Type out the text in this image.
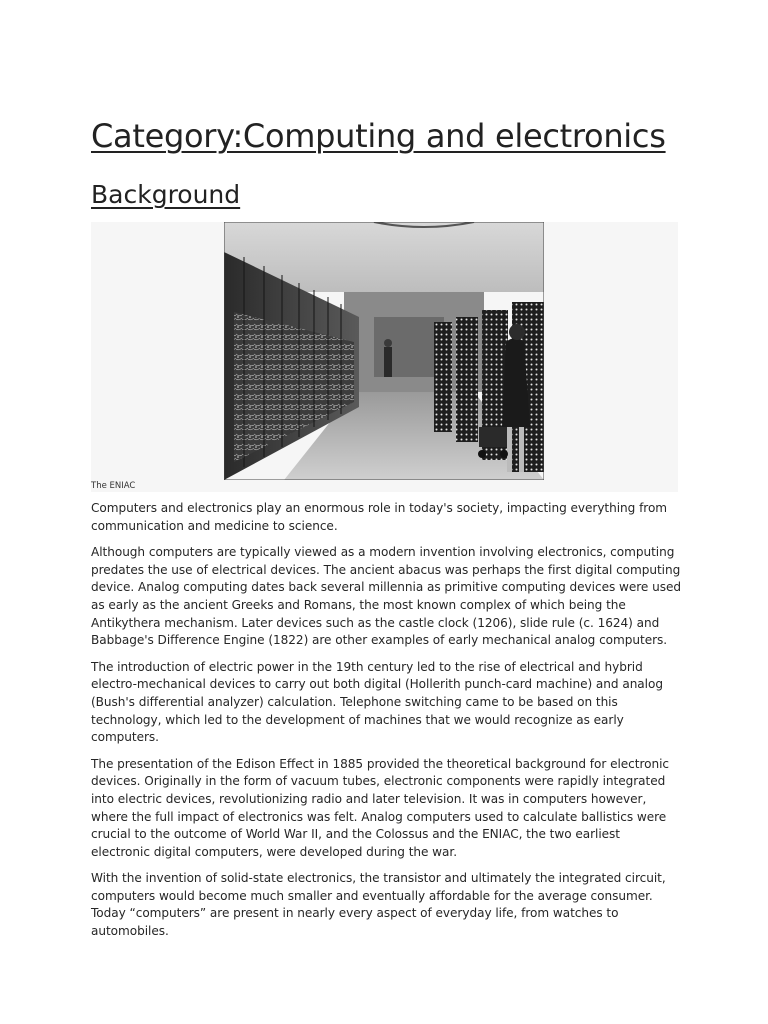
Category:Computing and electronics
Background
The ENIAC

Computers and electronics play an enormous role in today's society, impacting everything from communication and medicine to science.

Although computers are typically viewed as a modern invention involving electronics, computing predates the use of electrical devices. The ancient abacus was perhaps the first digital computing device. Analog computing dates back several millennia as primitive computing devices were used as early as the ancient Greeks and Romans, the most known complex of which being the Antikythera mechanism. Later devices such as the castle clock (1206), slide rule (c. 1624) and Babbage's Difference Engine (1822) are other examples of early mechanical analog computers.

The introduction of electric power in the 19th century led to the rise of electrical and hybrid electro-mechanical devices to carry out both digital (Hollerith punch-card machine) and analog (Bush's differential analyzer) calculation. Telephone switching came to be based on this technology, which led to the development of machines that we would recognize as early computers.

The presentation of the Edison Effect in 1885 provided the theoretical background for electronic devices. Originally in the form of vacuum tubes, electronic components were rapidly integrated into electric devices, revolutionizing radio and later television. It was in computers however, where the full impact of electronics was felt. Analog computers used to calculate ballistics were crucial to the outcome of World War II, and the Colossus and the ENIAC, the two earliest electronic digital computers, were developed during the war.

With the invention of solid-state electronics, the transistor and ultimately the integrated circuit, computers would become much smaller and eventually affordable for the average consumer. Today “computers” are present in nearly every aspect of everyday life, from watches to automobiles.
